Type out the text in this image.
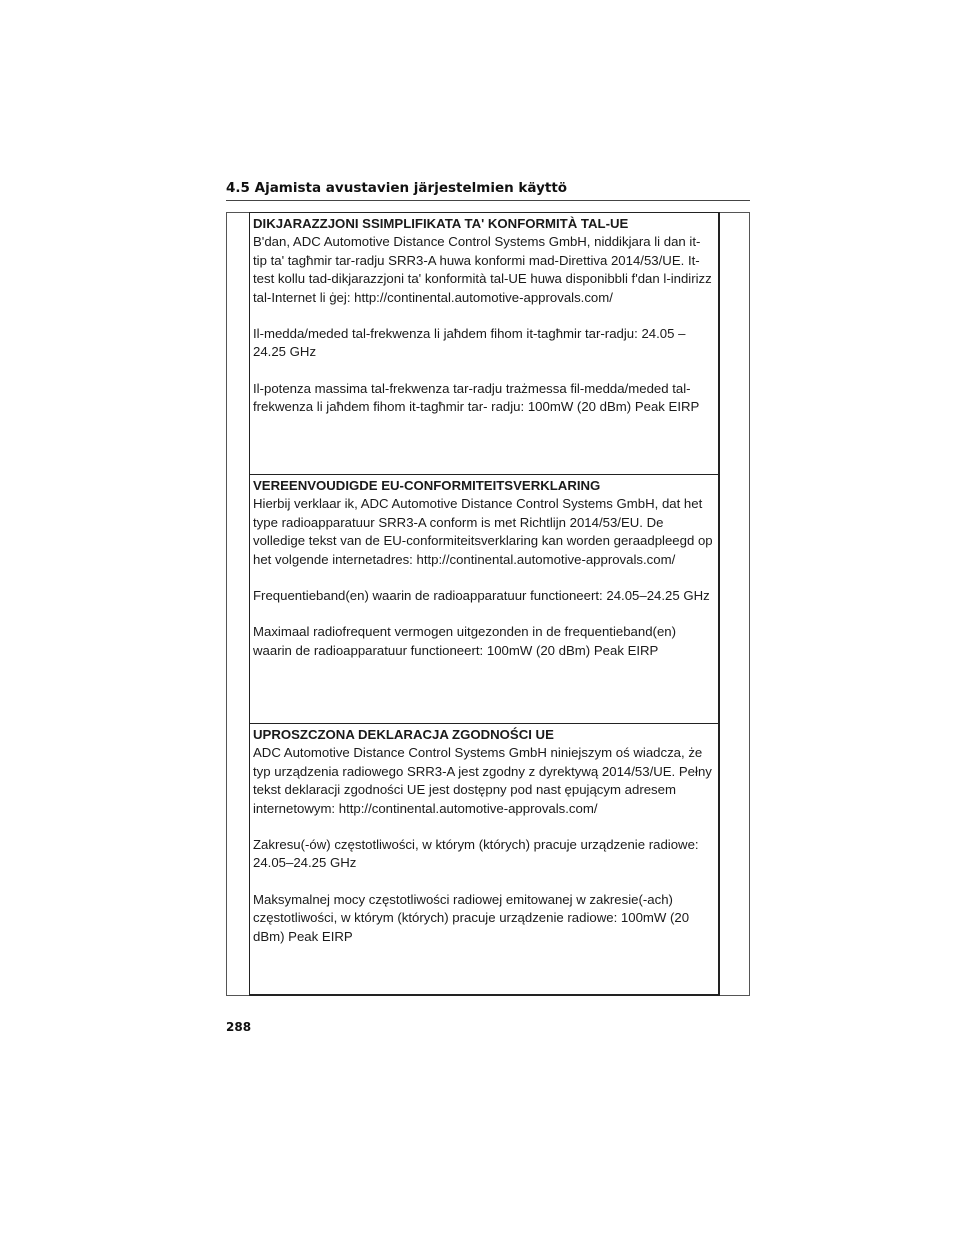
4.5 Ajamista avustavien järjestelmien käyttö
DIKJARAZZJONI SSIMPLIFIKATA TA' KONFORMITÀ TAL-UE

B'dan, ADC Automotive Distance Control Systems GmbH, niddikjara li dan it-tip ta' tagħmir tar-radju SRR3-A huwa konformi mad-Direttiva 2014/53/UE. It-test kollu tad-dikjarazzjoni ta' konformità tal-UE huwa disponibbli f'dan l-indirizz tal-Internet li ġej: http://continental.automotive-approvals.com/

Il-medda/meded tal-frekwenza li jaħdem fihom it-tagħmir tar-radju: 24.05 –24.25 GHz

Il-potenza massima tal-frekwenza tar-radju trażmessa fil-medda/meded tal-frekwenza li jaħdem fihom it-tagħmir tar- radju: 100mW (20 dBm) Peak EIRP

VEREENVOUDIGDE EU-CONFORMITEITSVERKLARING

Hierbij verklaar ik, ADC Automotive Distance Control Systems GmbH, dat het type radioapparatuur SRR3-A conform is met Richtlijn 2014/53/EU. De volledige tekst van de EU-conformiteitsverklaring kan worden geraadpleegd op het volgende internetadres: http://continental.automotive-approvals.com/

Frequentieband(en) waarin de radioapparatuur functioneert: 24.05–24.25 GHz

Maximaal radiofrequent vermogen uitgezonden in de frequentieband(en) waarin de radioapparatuur functioneert: 100mW (20 dBm) Peak EIRP

UPROSZCZONA DEKLARACJA ZGODNOŚCI UE

ADC Automotive Distance Control Systems GmbH niniejszym oś wiadcza, że typ urządzenia radiowego SRR3-A jest zgodny z dyrektywą 2014/53/UE. Pełny tekst deklaracji zgodności UE jest dostępny pod nast ępującym adresem internetowym: http://continental.automotive-approvals.com/

Zakresu(-ów) częstotliwości, w którym (których) pracuje urządzenie radiowe: 24.05–24.25 GHz

Maksymalnej mocy częstotliwości radiowej emitowanej w zakresie(-ach) częstotliwości, w którym (których) pracuje urządzenie radiowe: 100mW (20 dBm) Peak EIRP

288
